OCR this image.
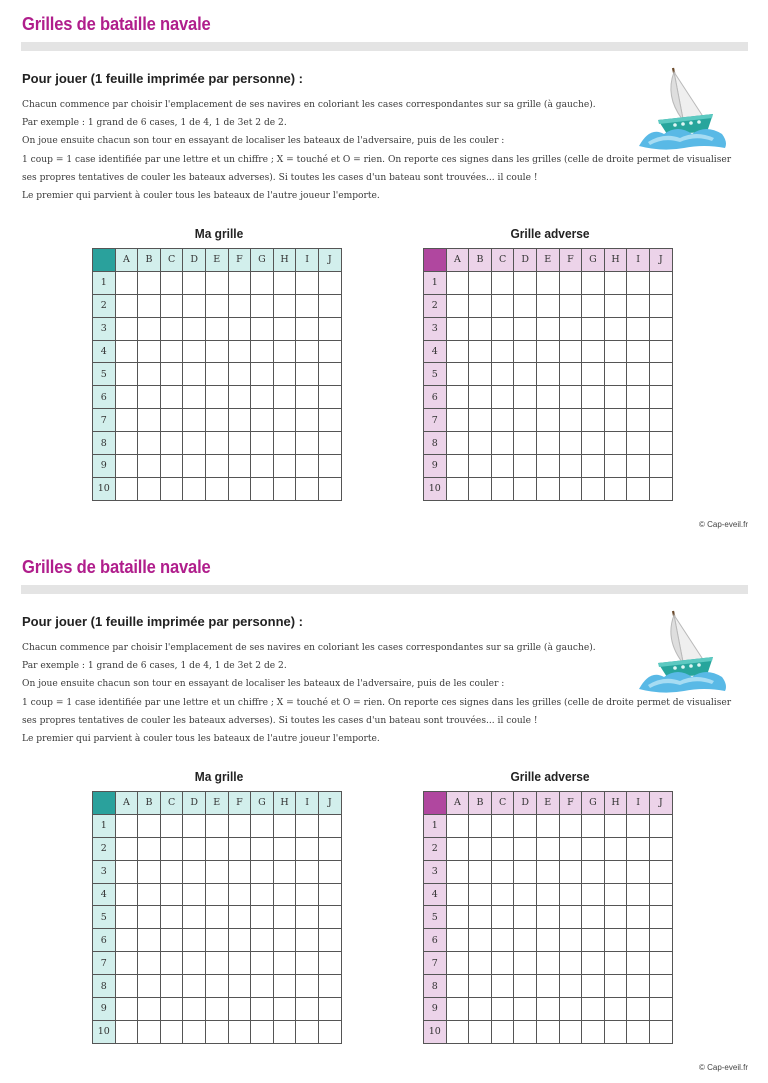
Grilles de bataille navale

Pour jouer (1 feuille imprimée par personne) :

Chacun commence par choisir l'emplacement de ses navires en coloriant les cases correspondantes sur sa grille (à gauche).
Par exemple : 1 grand de 6 cases, 1 de 4, 1 de 3et 2 de 2.
On joue ensuite chacun son tour en essayant de localiser les bateaux de l'adversaire, puis de les couler :
1 coup = 1 case identifiée par une lettre et un chiffre ; X = touché et O = rien. On reporte ces signes dans les grilles (celle de droite permet de visualiser
ses propres tentatives de couler les bateaux adverses). Si toutes les cases d'un bateau sont trouvées... il coule !
Le premier qui parvient à couler tous les bateaux de l'autre joueur l'emporte.
Ma grille
	A	B	C	D	E	F	G	H	I	J
1										
2										
3										
4										
5										
6										
7										
8										
9										
10										
Grille adverse
	A	B	C	D	E	F	G	H	I	J
1										
2										
3										
4										
5										
6										
7										
8										
9										
10										
© Cap-eveil.fr
Grilles de bataille navale

Pour jouer (1 feuille imprimée par personne) :

Chacun commence par choisir l'emplacement de ses navires en coloriant les cases correspondantes sur sa grille (à gauche).
Par exemple : 1 grand de 6 cases, 1 de 4, 1 de 3et 2 de 2.
On joue ensuite chacun son tour en essayant de localiser les bateaux de l'adversaire, puis de les couler :
1 coup = 1 case identifiée par une lettre et un chiffre ; X = touché et O = rien. On reporte ces signes dans les grilles (celle de droite permet de visualiser
ses propres tentatives de couler les bateaux adverses). Si toutes les cases d'un bateau sont trouvées... il coule !
Le premier qui parvient à couler tous les bateaux de l'autre joueur l'emporte.
Ma grille
	A	B	C	D	E	F	G	H	I	J
1										
2										
3										
4										
5										
6										
7										
8										
9										
10										
Grille adverse
	A	B	C	D	E	F	G	H	I	J
1										
2										
3										
4										
5										
6										
7										
8										
9										
10										
© Cap-eveil.fr
